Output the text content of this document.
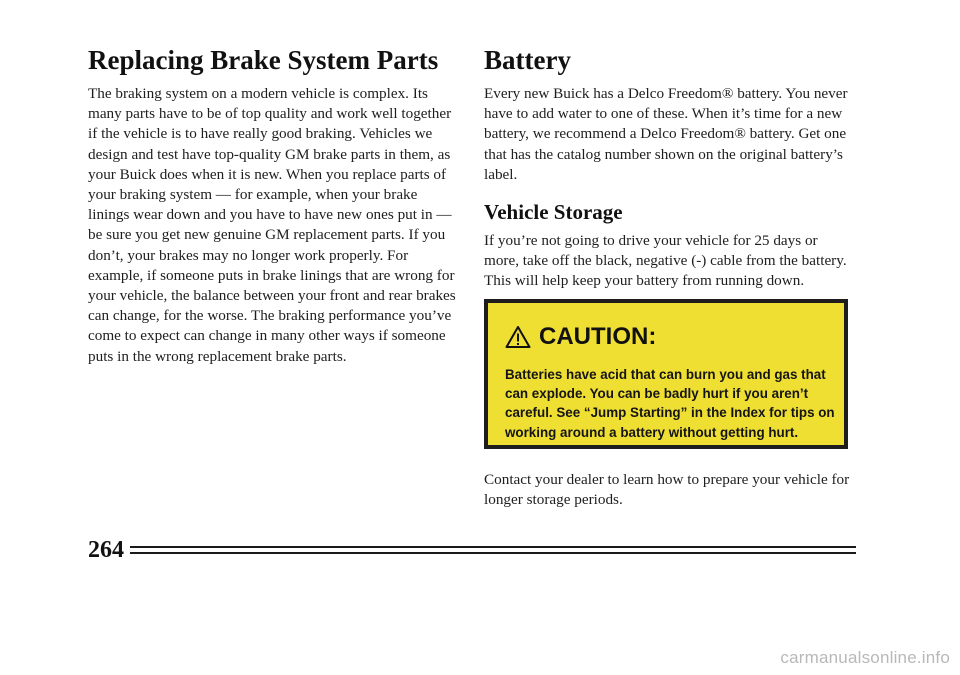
Replacing Brake System Parts

The braking system on a modern vehicle is complex. Its many parts have to be of top quality and work well together if the vehicle is to have really good braking. Vehicles we design and test have top-quality GM brake parts in them, as your Buick does when it is new. When you replace parts of your braking system — for example, when your brake linings wear down and you have to have new ones put in — be sure you get new genuine GM replacement parts. If you don’t, your brakes may no longer work properly. For example, if someone puts in brake linings that are wrong for your vehicle, the balance between your front and rear brakes can change, for the worse. The braking performance you’ve come to expect can change in many other ways if someone puts in the wrong replacement brake parts.

Battery

Every new Buick has a Delco Freedom® battery. You never have to add water to one of these. When it’s time for a new battery, we recommend a Delco Freedom® battery. Get one that has the catalog number shown on the original battery’s label.

Vehicle Storage

If you’re not going to drive your vehicle for 25 days or more, take off the black, negative (-) cable from the battery. This will help keep your battery from running down.

CAUTION:
Batteries have acid that can burn you and gas that can explode. You can be badly hurt if you aren’t careful. See “Jump Starting” in the Index for tips on working around a battery without getting hurt.

Contact your dealer to learn how to prepare your vehicle for longer storage periods.

264
carmanualsonline.info
